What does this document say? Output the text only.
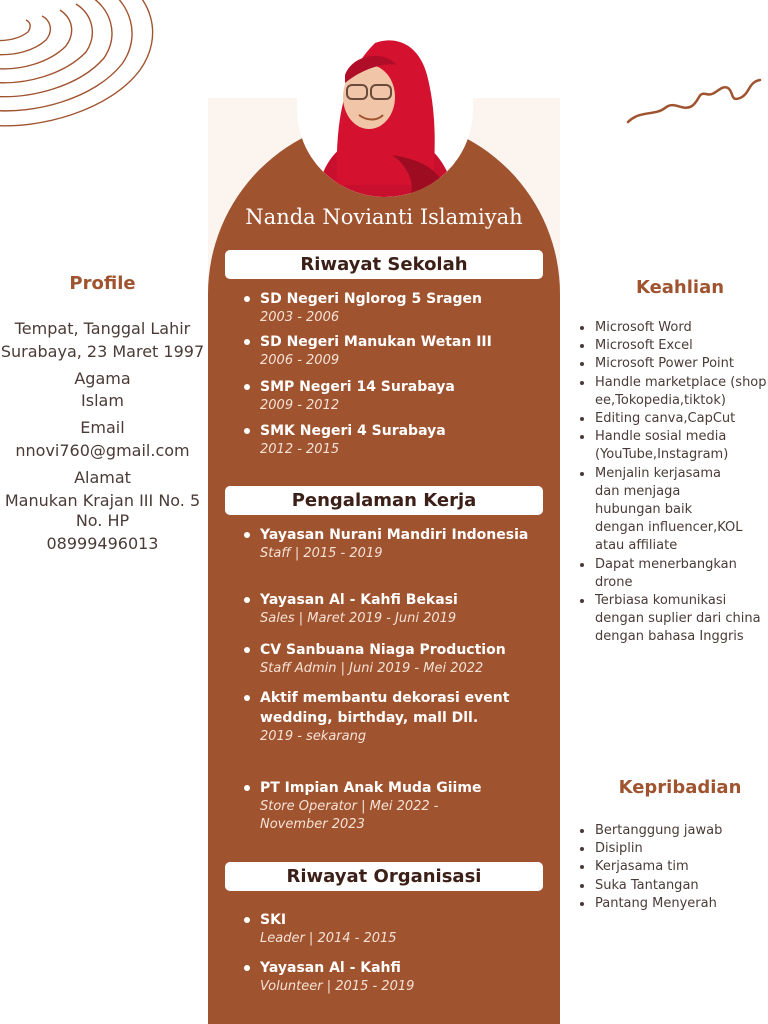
Nanda Novianti Islamiyah
Riwayat Sekolah
SD Negeri Nglorog 5 Sragen
2003 - 2006
SD Negeri Manukan Wetan III
2006 - 2009
SMP Negeri 14 Surabaya
2009 - 2012
SMK Negeri 4 Surabaya
2012 - 2015
Pengalaman Kerja
Yayasan Nurani Mandiri Indonesia
Staff | 2015 - 2019
Yayasan Al - Kahfi Bekasi
Sales | Maret 2019 - Juni 2019
CV Sanbuana Niaga Production
Staff Admin | Juni 2019 - Mei 2022
Aktif membantu dekorasi event wedding, birthday, mall Dll.
2019 - sekarang
PT Impian Anak Muda Giime
Store Operator | Mei 2022 - November 2023
Riwayat Organisasi
SKI
Leader | 2014 - 2015
Yayasan Al - Kahfi
Volunteer | 2015 - 2019
Profile
Tempat, Tanggal Lahir
Surabaya, 23 Maret 1997
Agama
Islam
Email
nnovi760@gmail.com
Alamat
Manukan Krajan III No. 5
No. HP
08999496013
Keahlian
Microsoft Word
Microsoft Excel
Microsoft Power Point
Handle marketplace (shopee,Tokopedia,tiktok)
Editing canva,CapCut
Handle sosial media (YouTube,Instagram)
Menjalin kerjasama dan menjaga hubungan baik dengan influencer,KOL atau affiliate
Dapat menerbangkan drone
Terbiasa komunikasi dengan suplier dari china dengan bahasa Inggris
Kepribadian
Bertanggung jawab
Disiplin
Kerjasama tim
Suka Tantangan
Pantang Menyerah
